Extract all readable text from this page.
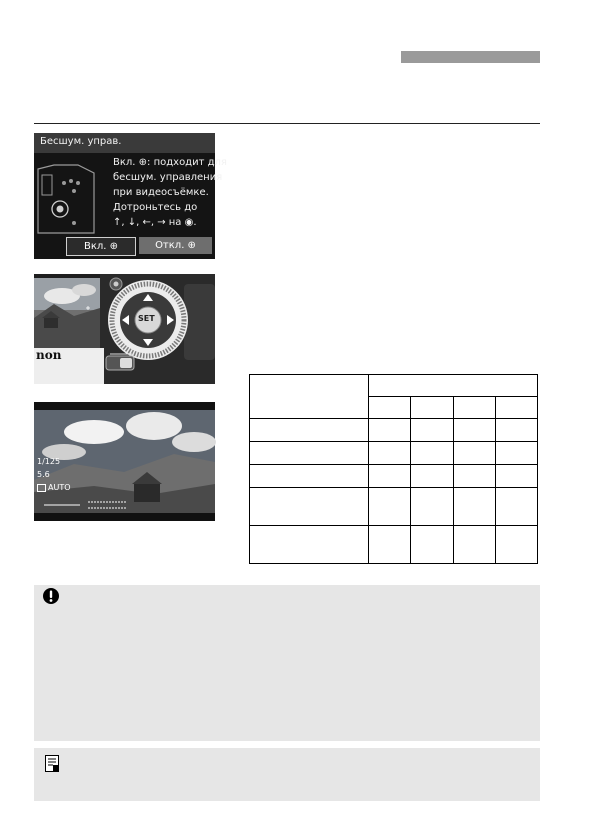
Бесшум. управ.
Вкл. ⊕: подходит для
бесшум. управления
при видеосъёмке.
Дотроньтесь до
↑, ↓, ←, → на ◉.
Вкл. ⊕	Откл. ⊕
non
SET
1/125
5.6
AUTO
